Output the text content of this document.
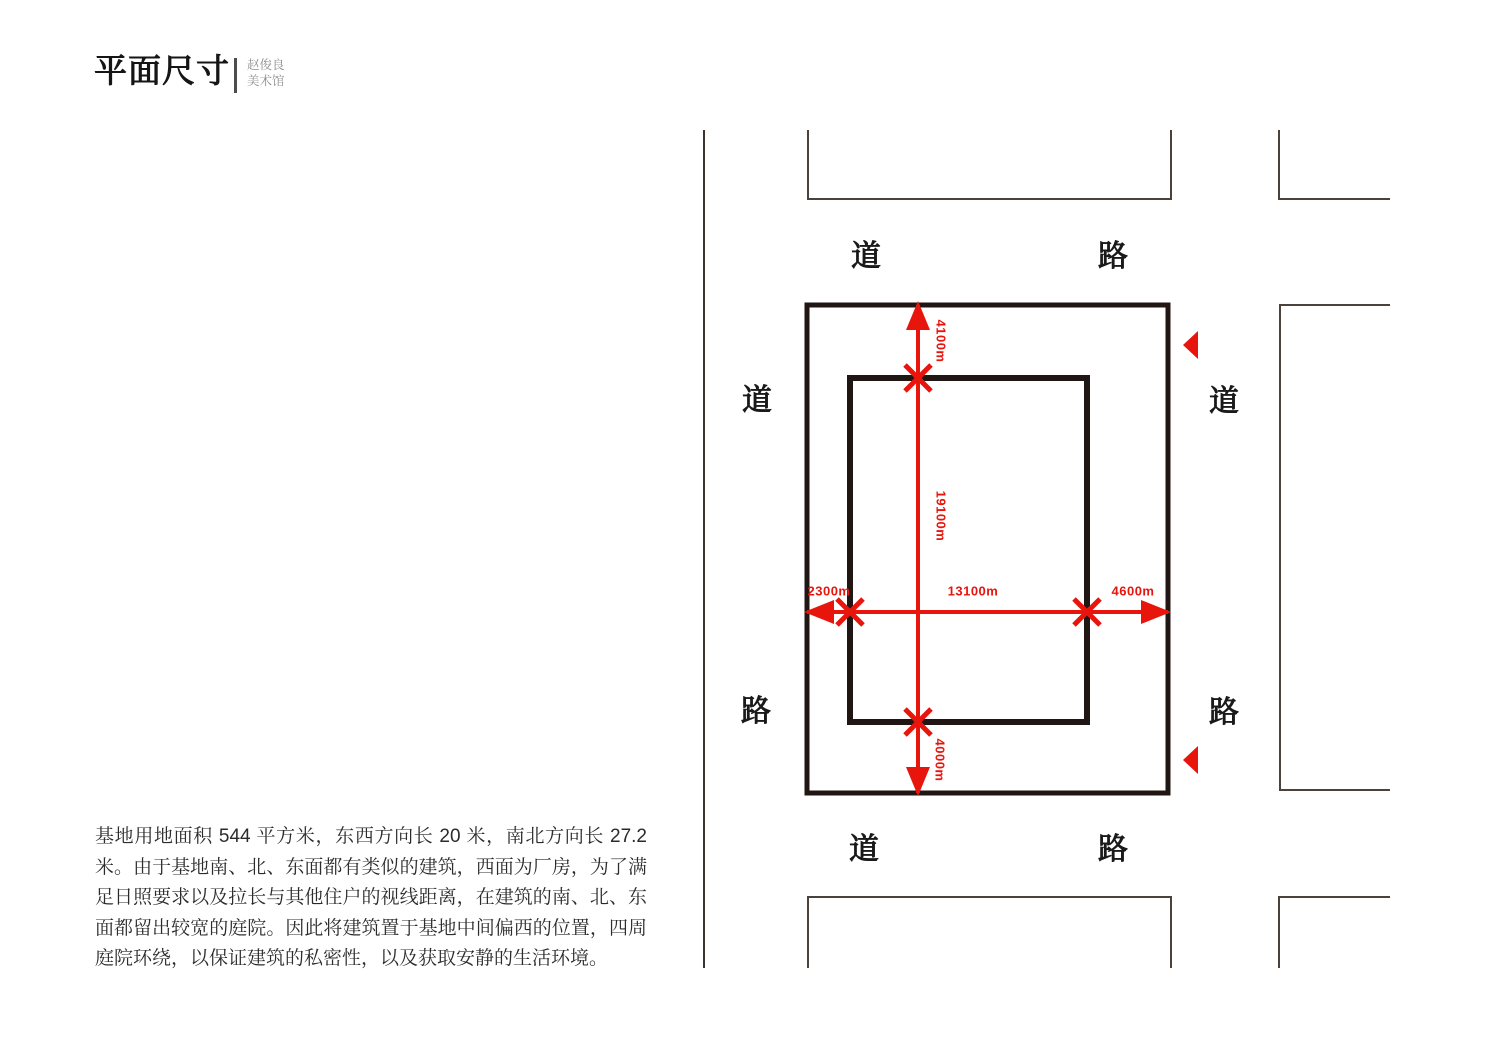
平面尺寸 赵俊良
美术馆

基地用地面积 544 平方米，东西方向长 20 米，南北方向长 27.2 米。由于基地南、北、东面都有类似的建筑，西面为厂房，为了满足日照要求以及拉长与其他住户的视线距离，在建筑的南、北、东面都留出较宽的庭院。因此将建筑置于基地中间偏西的位置，四周庭院环绕，以保证建筑的私密性，以及获取安静的生活环境。

道	路
道
路
道
路
道	路
4100m
19100m
4000m
2300m	13100m	4600m
